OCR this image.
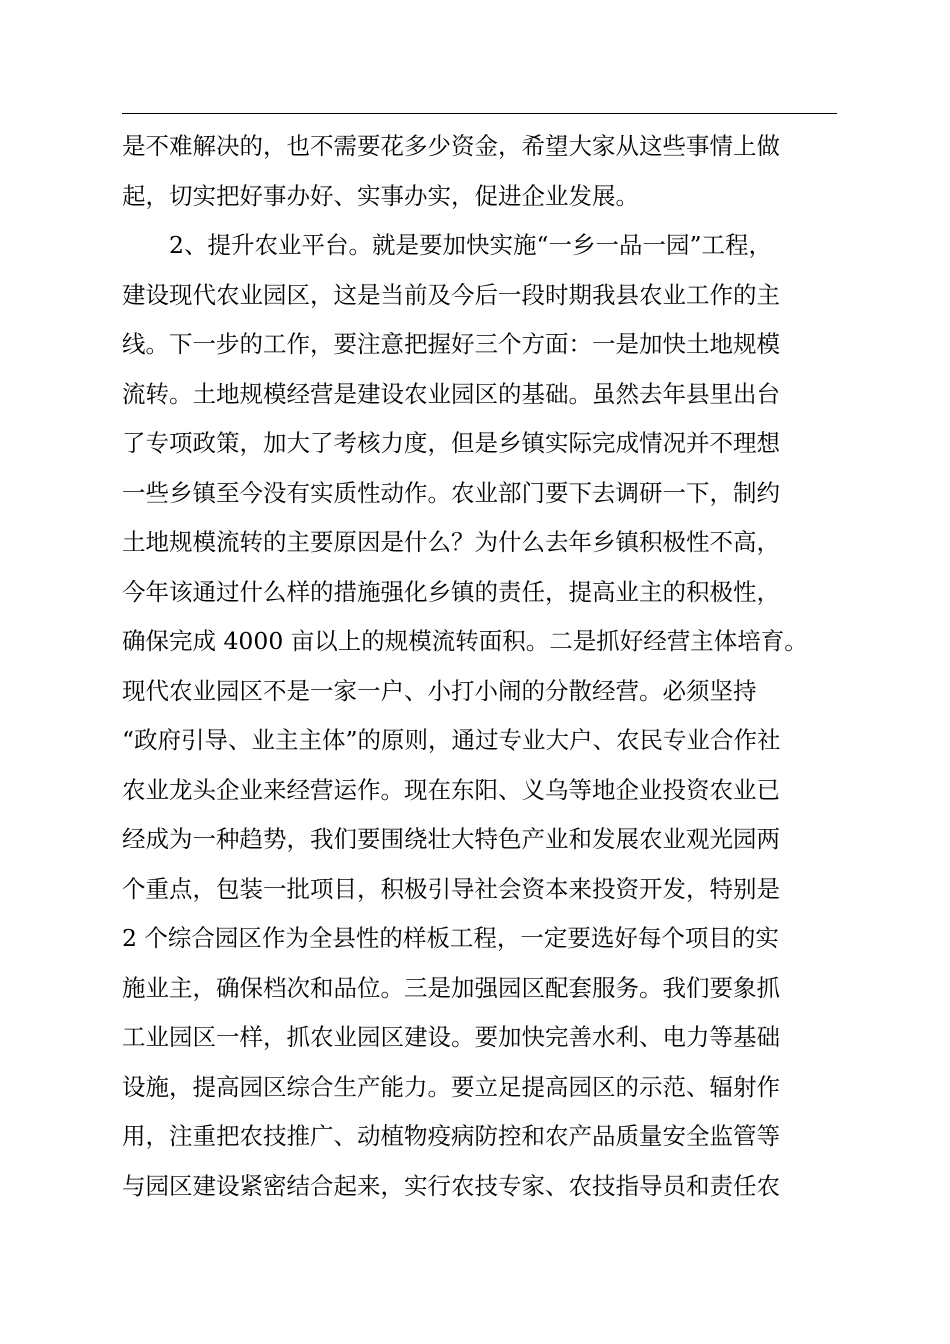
是不难解决的，也不需要花多少资金，希望大家从这些事情上做
起，切实把好事办好、实事办实，促进企业发展。
2、提升农业平台。就是要加快实施“一乡一品一园”工程，
建设现代农业园区，这是当前及今后一段时期我县农业工作的主
线。下一步的工作，要注意把握好三个方面：一是加快土地规模
流转。土地规模经营是建设农业园区的基础。虽然去年县里出台
了专项政策，加大了考核力度，但是乡镇实际完成情况并不理想
一些乡镇至今没有实质性动作。农业部门要下去调研一下，制约
土地规模流转的主要原因是什么？为什么去年乡镇积极性不高，
今年该通过什么样的措施强化乡镇的责任，提高业主的积极性，
确保完成 4000 亩以上的规模流转面积。二是抓好经营主体培育。
现代农业园区不是一家一户、小打小闹的分散经营。必须坚持
“政府引导、业主主体”的原则，通过专业大户、农民专业合作社
农业龙头企业来经营运作。现在东阳、义乌等地企业投资农业已
经成为一种趋势，我们要围绕壮大特色产业和发展农业观光园两
个重点，包装一批项目，积极引导社会资本来投资开发，特别是
2 个综合园区作为全县性的样板工程，一定要选好每个项目的实
施业主，确保档次和品位。三是加强园区配套服务。我们要象抓
工业园区一样，抓农业园区建设。要加快完善水利、电力等基础
设施，提高园区综合生产能力。要立足提高园区的示范、辐射作
用，注重把农技推广、动植物疫病防控和农产品质量安全监管等
与园区建设紧密结合起来，实行农技专家、农技指导员和责任农
